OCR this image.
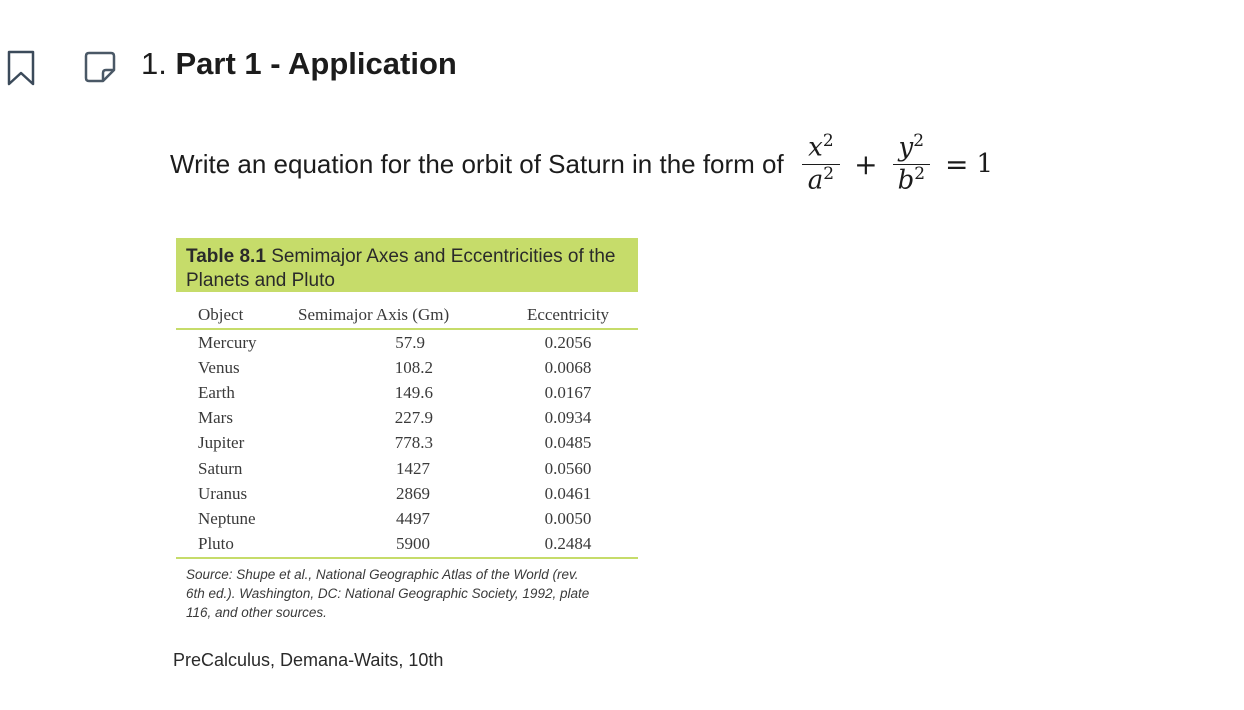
1. Part 1 - Application
Write an equation for the orbit of Saturn in the form of $\frac{x^2}{a^2} + \frac{y^2}{b^2} = 1$
Table 8.1 Semimajor Axes and Eccentricities of the Planets and Pluto
Object	Semimajor Axis (Gm)	Eccentricity
Mercury	57.9	0.2056
Venus	108.2	0.0068
Earth	149.6	0.0167
Mars	227.9	0.0934
Jupiter	778.3	0.0485
Saturn	1427	0.0560
Uranus	2869	0.0461
Neptune	4497	0.0050
Pluto	5900	0.2484
Source: Shupe et al., National Geographic Atlas of the World (rev. 6th ed.). Washington, DC: National Geographic Society, 1992, plate 116, and other sources.
PreCalculus, Demana-Waits, 10th
